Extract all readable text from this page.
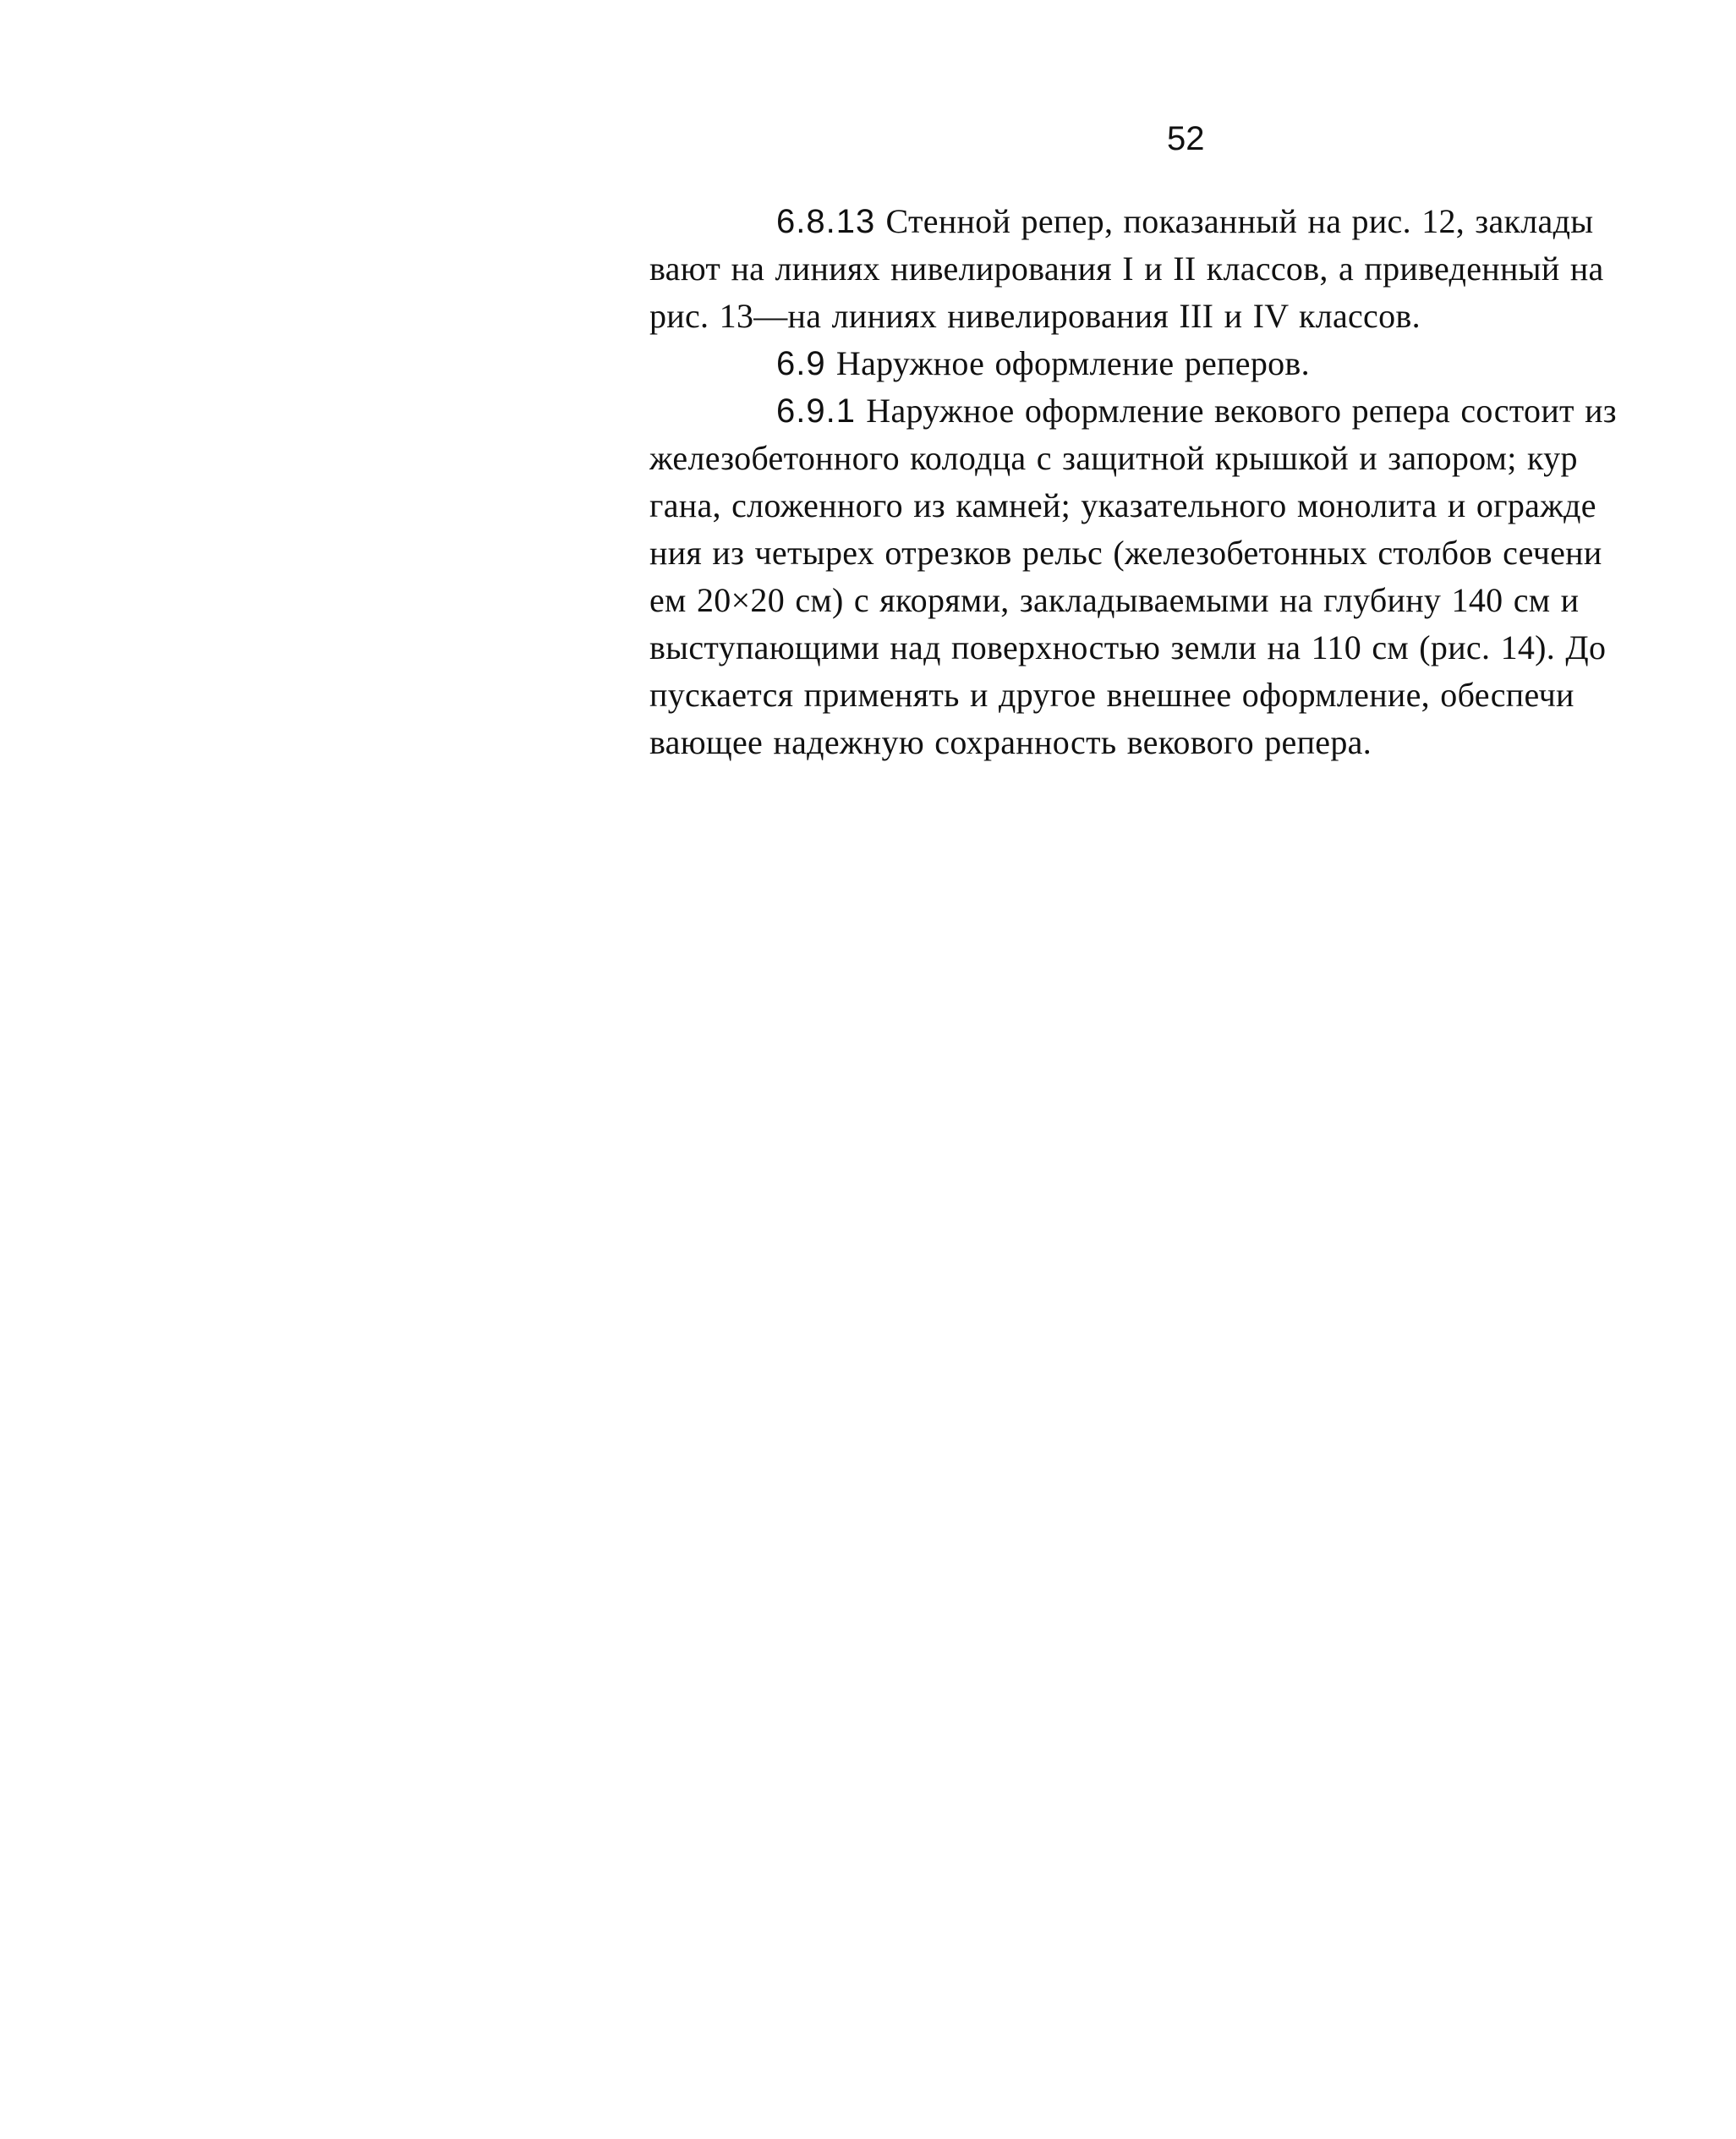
52
6.8.13 Стенной репер, показанный на рис. 12, заклады
вают на линиях нивелирования I и II классов, а приведенный на
рис. 13—на линиях нивелирования III и IV классов.
6.9 Наружное оформление реперов.
6.9.1 Наружное оформление векового репера состоит из
железобетонного колодца с защитной крышкой и запором; кур
гана, сложенного из камней; указательного монолита и огражде
ния из четырех отрезков рельс (железобетонных столбов сечени
ем 20×20 см) с якорями, закладываемыми на глубину 140 см и
выступающими над поверхностью земли на 110 см (рис. 14). До
пускается применять и другое внешнее оформление, обеспечи
вающее надежную сохранность векового репера.
